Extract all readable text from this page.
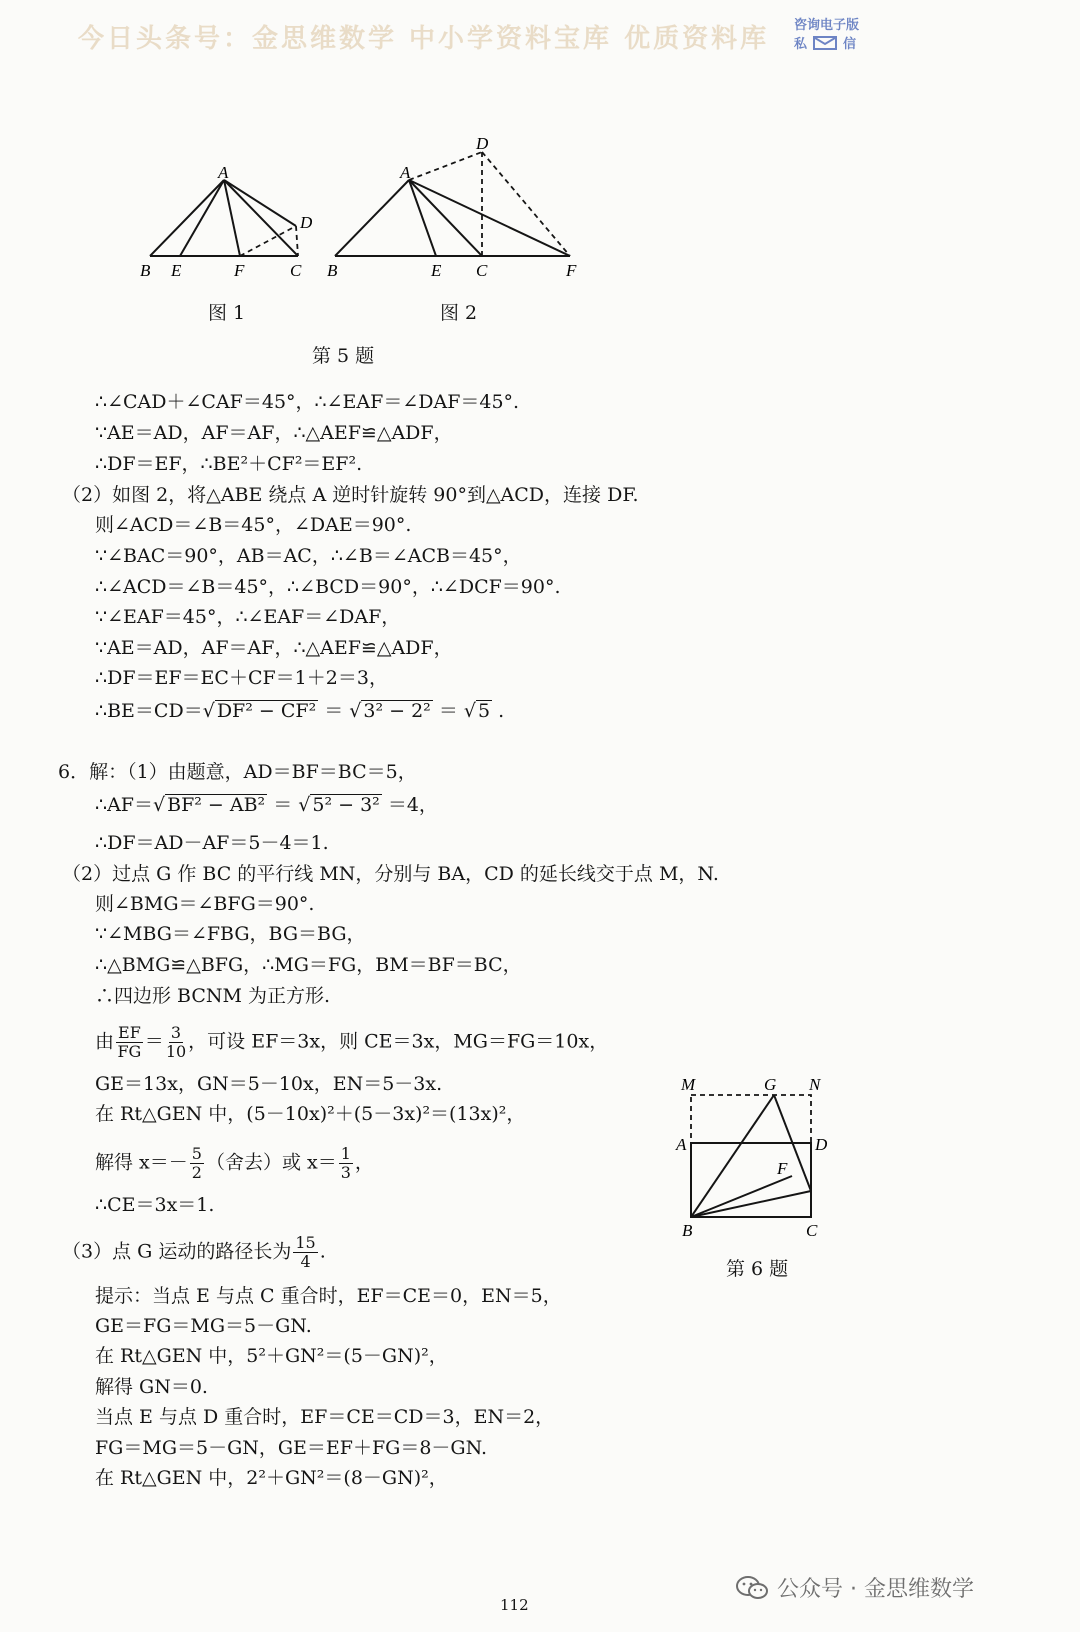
今日头条号：金思维数学 中小学资料宝库 优质资料库 咨询电子版
私	信
A
B E	F	C
D
A
D
B	E C	F
图 1	图 2
第 5 题
∴∠CAD＋∠CAF＝45°，∴∠EAF＝∠DAF＝45°.
∵AE＝AD，AF＝AF，∴△AEF≌△ADF，
∴DF＝EF，∴BE²＋CF²＝EF².
（2）如图 2，将△ABE 绕点 A 逆时针旋转 90°到△ACD，连接 DF.
则∠ACD＝∠B＝45°，∠DAE＝90°.
∵∠BAC＝90°，AB＝AC，∴∠B＝∠ACB＝45°，
∴∠ACD＝∠B＝45°，∴∠BCD＝90°，∴∠DCF＝90°.
∵∠EAF＝45°，∴∠EAF＝∠DAF，
∵AE＝AD，AF＝AF，∴△AEF≌△ADF，
∴DF＝EF＝EC＋CF＝1＋2＝3，
∴BE＝CD＝√ DF² − CF² ＝ √ 3² − 2² ＝ √ 5 .
6．解：（1）由题意，AD＝BF＝BC＝5，
∴AF＝√ BF² − AB² ＝ √ 5² − 3² ＝4，
∴DF＝AD－AF＝5－4＝1.
（2）过点 G 作 BC 的平行线 MN，分别与 BA，CD 的延长线交于点 M，N.
则∠BMG＝∠BFG＝90°.
∵∠MBG＝∠FBG，BG＝BG，
∴△BMG≌△BFG，∴MG＝FG，BM＝BF＝BC，
∴四边形 BCNM 为正方形.
由 $\frac{EF}{FG} = \frac{3}{10}$ ，可设 EF＝3x，则 CE＝3x，MG＝FG＝10x，
GE＝13x，GN＝5－10x，EN＝5－3x.
在 Rt△GEN 中，(5－10x)²＋(5－3x)²＝(13x)²，
解得 $x=- \frac{5}{2}$ （舍去）或 $x= \frac{1}{3}$ ，
∴CE＝3x＝1.
（3）点 G 运动的路径长为 $\frac{15}{4}$ .
提示：当点 E 与点 C 重合时，EF＝CE＝0，EN＝5，
GE＝FG＝MG＝5－GN.
在 Rt△GEN 中，5²＋GN²＝(5－GN)²，
解得 GN＝0.
当点 E 与点 D 重合时，EF＝CE＝CD＝3，EN＝2，
FG＝MG＝5－GN，GE＝EF＋FG＝8－GN.
在 Rt△GEN 中，2²＋GN²＝(8－GN)²，
M	G N
A	D
F
B	C
第 6 题
公众号 · 金思维数学
112
